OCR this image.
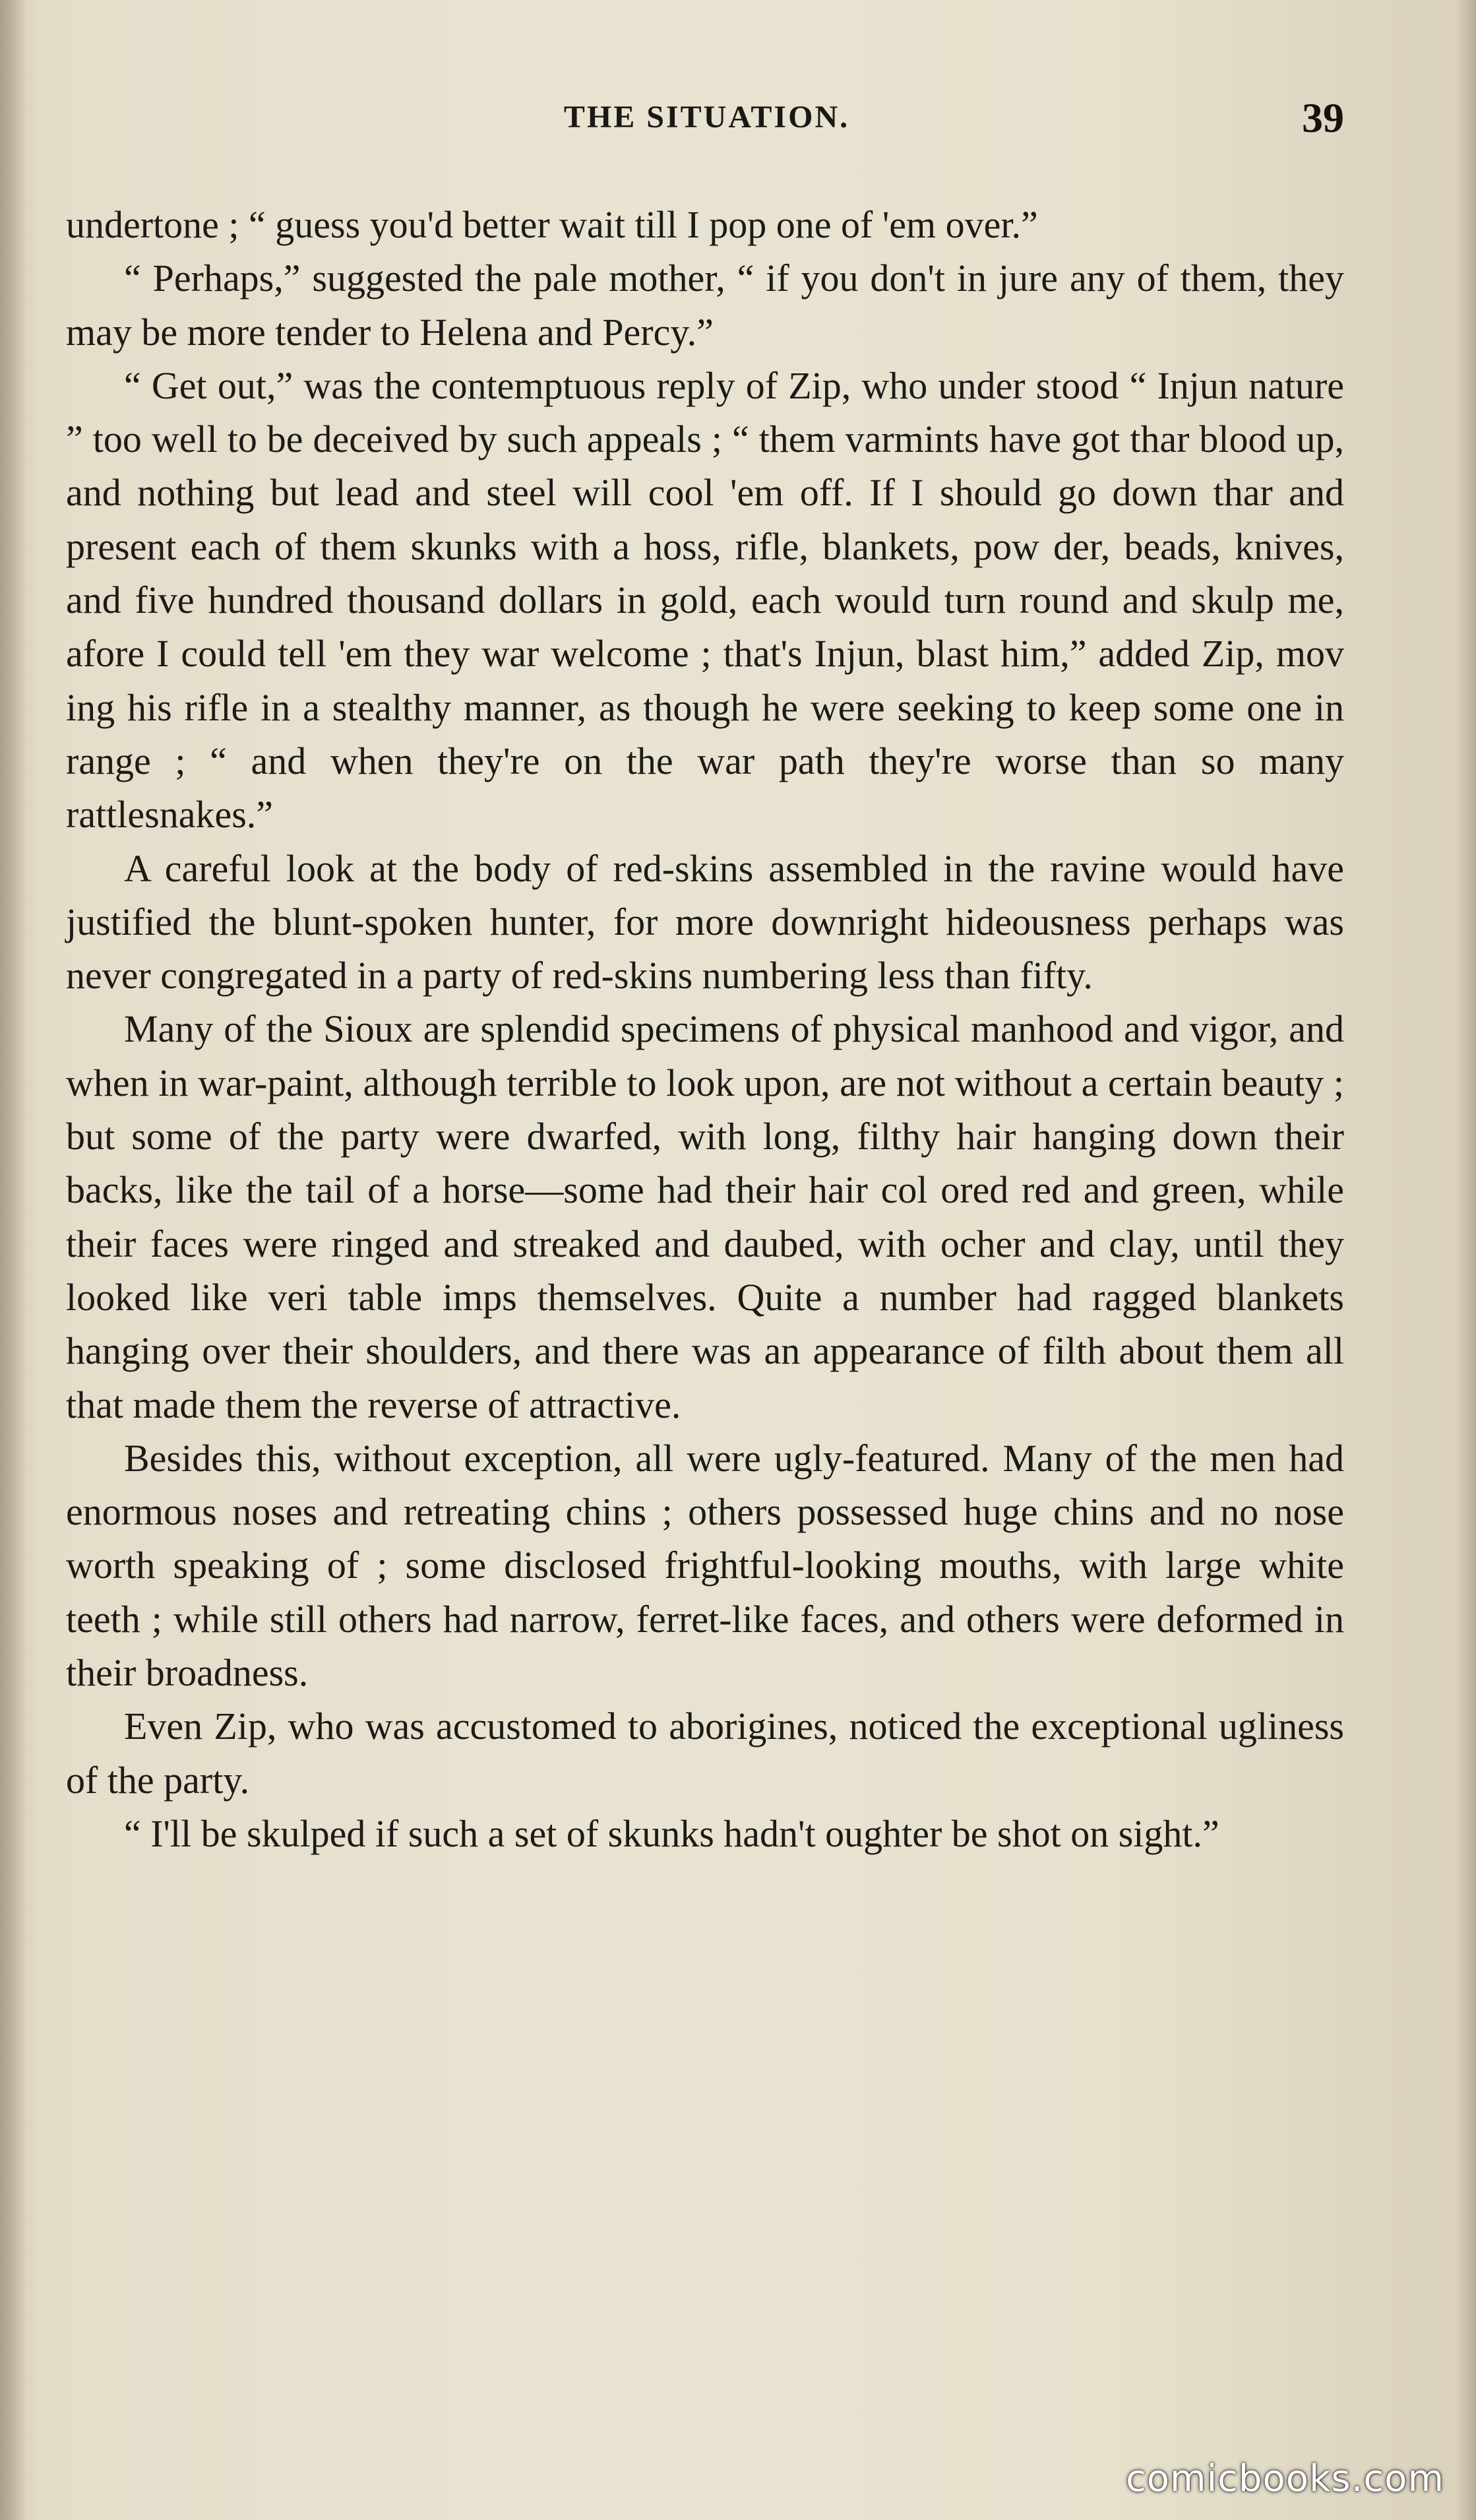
THE SITUATION.	39

undertone ; “ guess you'd better wait till I pop one of 'em over.”

“ Perhaps,” suggested the pale mother, “ if you don't in jure any of them, they may be more tender to Helena and Percy.”

“ Get out,” was the contemptuous reply of Zip, who under stood “ Injun nature ” too well to be deceived by such appeals ; “ them varmints have got thar blood up, and nothing but lead and steel will cool 'em off. If I should go down thar and present each of them skunks with a hoss, rifle, blankets, pow der, beads, knives, and five hundred thousand dollars in gold, each would turn round and skulp me, afore I could tell 'em they war welcome ; that's Injun, blast him,” added Zip, mov ing his rifle in a stealthy manner, as though he were seeking to keep some one in range ; “ and when they're on the war path they're worse than so many rattlesnakes.”

A careful look at the body of red-skins assembled in the ravine would have justified the blunt-spoken hunter, for more downright hideousness perhaps was never congregated in a party of red-skins numbering less than fifty.

Many of the Sioux are splendid specimens of physical manhood and vigor, and when in war-paint, although terrible to look upon, are not without a certain beauty ; but some of the party were dwarfed, with long, filthy hair hanging down their backs, like the tail of a horse—some had their hair col ored red and green, while their faces were ringed and streaked and daubed, with ocher and clay, until they looked like veri table imps themselves. Quite a number had ragged blankets hanging over their shoulders, and there was an appearance of filth about them all that made them the reverse of attractive.

Besides this, without exception, all were ugly-featured. Many of the men had enormous noses and retreating chins ; others possessed huge chins and no nose worth speaking of ; some disclosed frightful-looking mouths, with large white teeth ; while still others had narrow, ferret-like faces, and others were deformed in their broadness.

Even Zip, who was accustomed to aborigines, noticed the exceptional ugliness of the party.

“ I'll be skulped if such a set of skunks hadn't oughter be shot on sight.”

comicbooks.com
